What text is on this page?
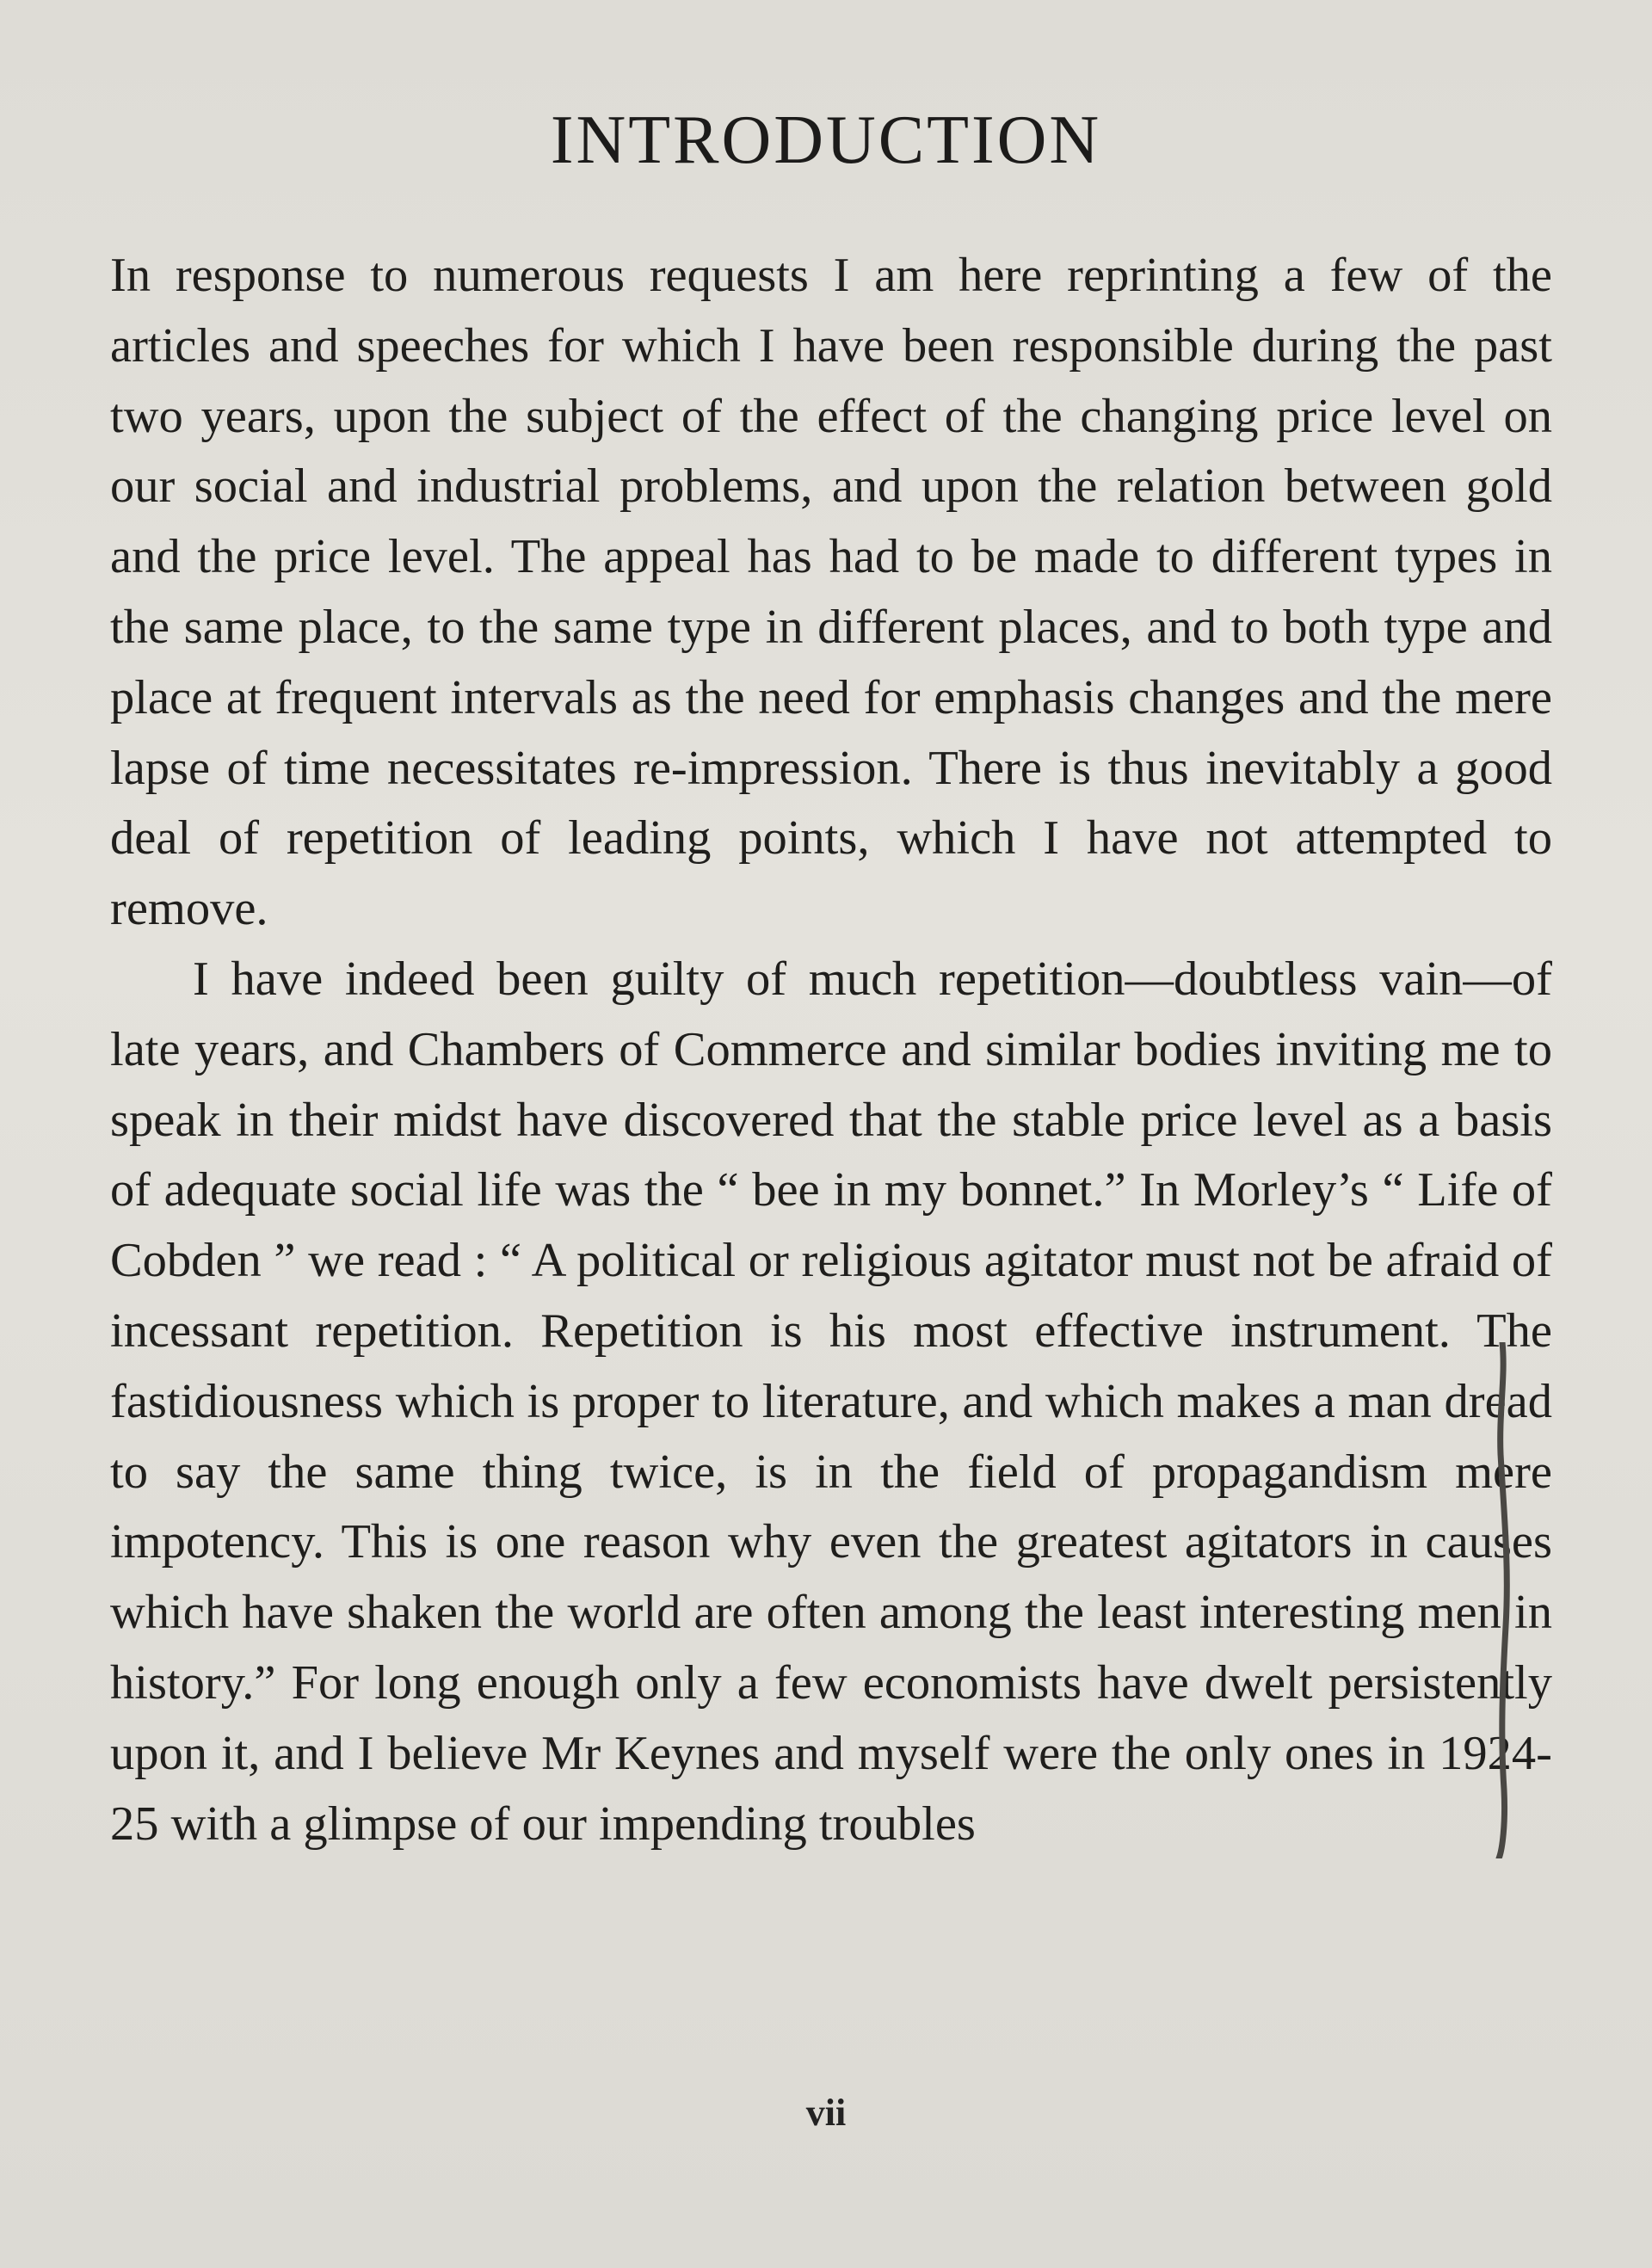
INTRODUCTION

In response to numerous requests I am here reprinting a few of the articles and speeches for which I have been responsible during the past two years, upon the subject of the effect of the changing price level on our social and industrial problems, and upon the relation between gold and the price level. The appeal has had to be made to different types in the same place, to the same type in different places, and to both type and place at frequent intervals as the need for emphasis changes and the mere lapse of time necessitates re-impression. There is thus inevitably a good deal of repetition of leading points, which I have not attempted to remove.

I have indeed been guilty of much repetition—doubtless vain—of late years, and Chambers of Commerce and similar bodies inviting me to speak in their midst have discovered that the stable price level as a basis of adequate social life was the “ bee in my bonnet.” In Morley’s “ Life of Cobden ” we read : “ A political or religious agitator must not be afraid of incessant repetition. Repetition is his most effective instrument. The fastidiousness which is proper to literature, and which makes a man dread to say the same thing twice, is in the field of propagandism mere impotency. This is one reason why even the greatest agitators in causes which have shaken the world are often among the least interesting men in history.” For long enough only a few economists have dwelt persistently upon it, and I believe Mr Keynes and myself were the only ones in 1924-25 with a glimpse of our impending troubles

vii
